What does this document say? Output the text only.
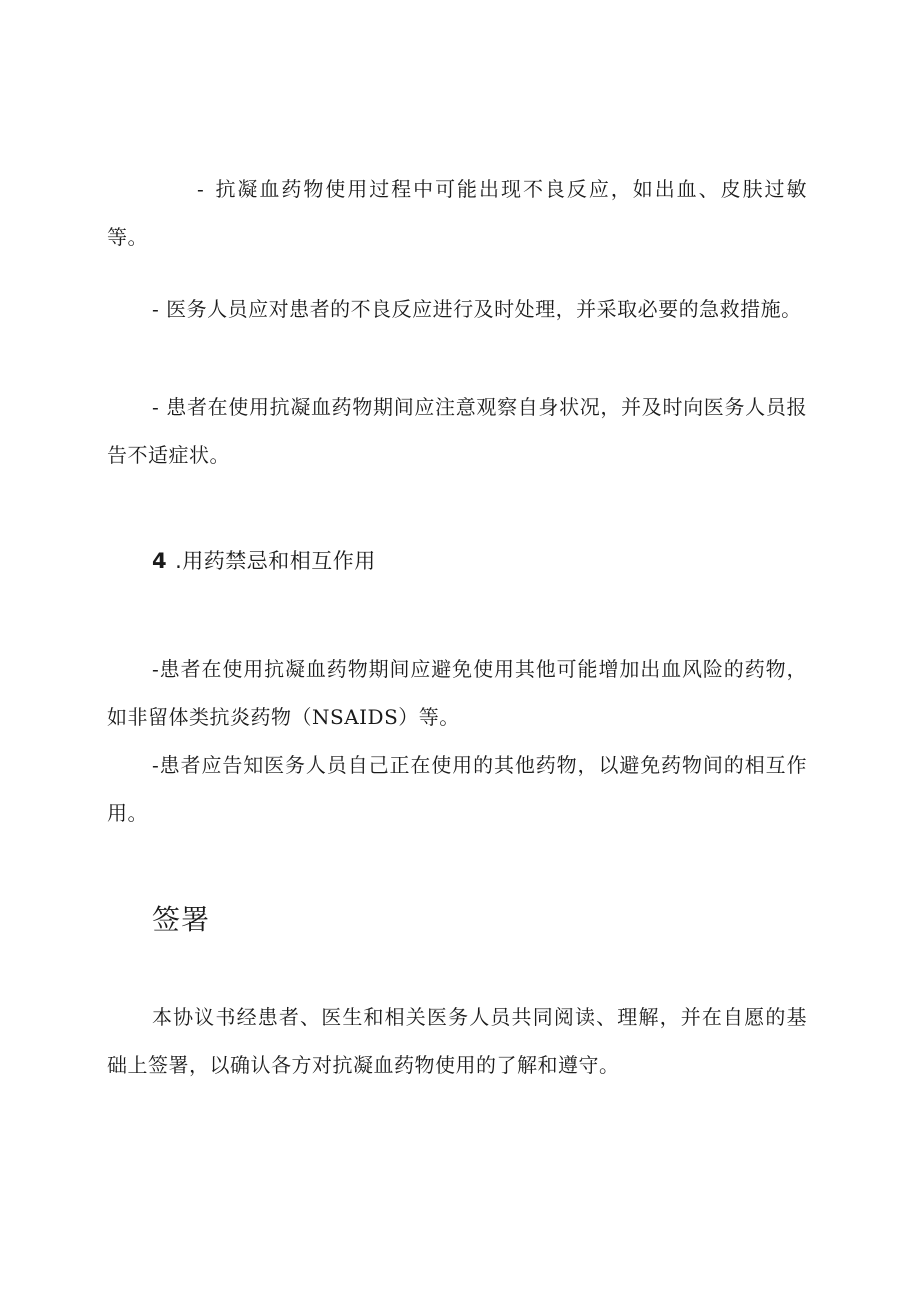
- 抗凝血药物使用过程中可能出现不良反应，如出血、皮肤过敏等。
- 医务人员应对患者的不良反应进行及时处理，并采取必要的急救措施。
- 患者在使用抗凝血药物期间应注意观察自身状况，并及时向医务人员报告不适症状。
4 .用药禁忌和相互作用
-患者在使用抗凝血药物期间应避免使用其他可能增加出血风险的药物，如非留体类抗炎药物（NSAIDS）等。
-患者应告知医务人员自己正在使用的其他药物，以避免药物间的相互作用。
签署
本协议书经患者、医生和相关医务人员共同阅读、理解，并在自愿的基础上签署，以确认各方对抗凝血药物使用的了解和遵守。
